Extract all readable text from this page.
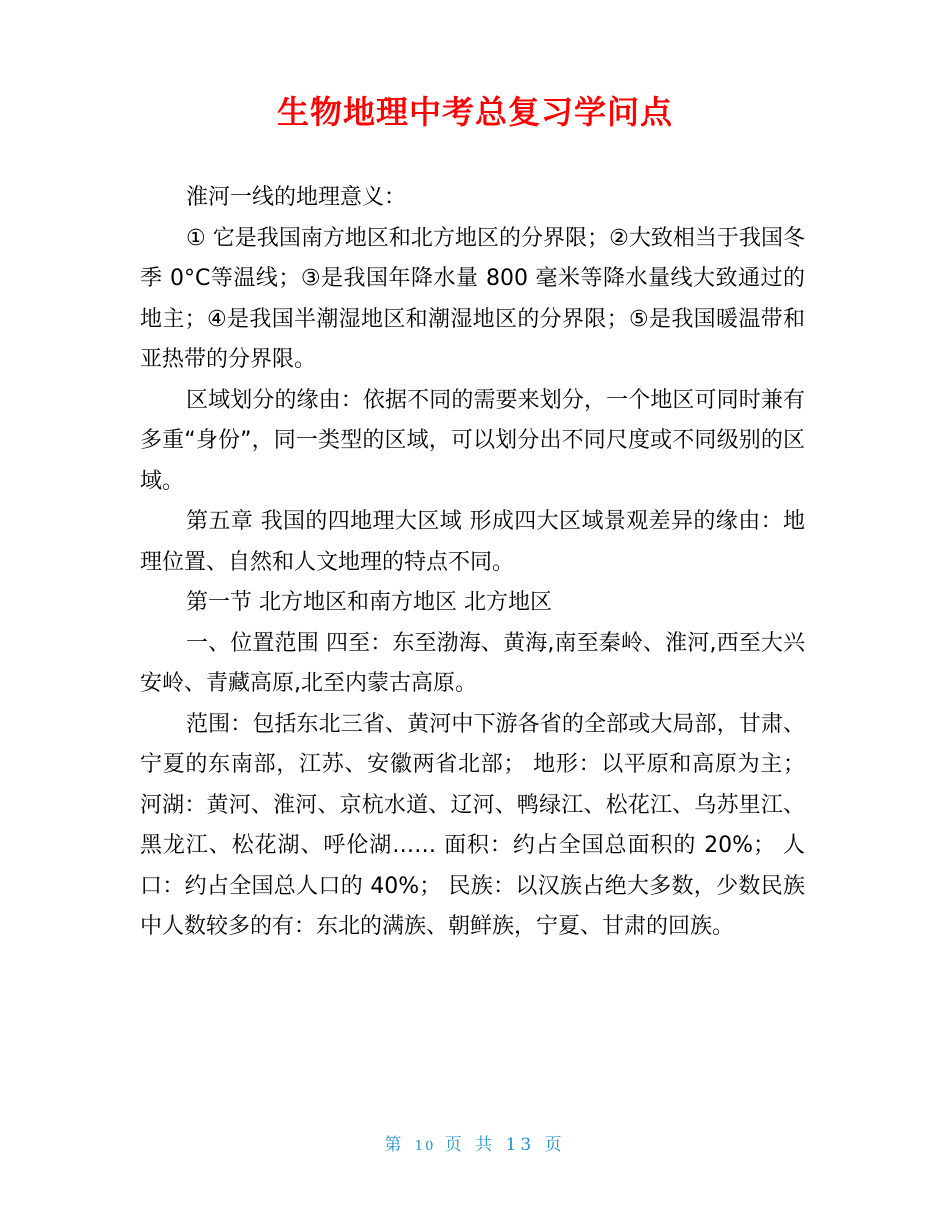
生物地理中考总复习学问点

淮河一线的地理意义：

① 它是我国南方地区和北方地区的分界限；②大致相当于我国冬季 0°C等温线；③是我国年降水量 800 毫米等降水量线大致通过的地主；④是我国半潮湿地区和潮湿地区的分界限；⑤是我国暖温带和亚热带的分界限。

区域划分的缘由：依据不同的需要来划分，一个地区可同时兼有多重“身份”，同一类型的区域，可以划分出不同尺度或不同级别的区域。

第五章 我国的四地理大区域 形成四大区域景观差异的缘由：地理位置、自然和人文地理的特点不同。

第一节 北方地区和南方地区 北方地区

一、位置范围 四至：东至渤海、黄海,南至秦岭、淮河,西至大兴安岭、青藏高原,北至内蒙古高原。

范围：包括东北三省、黄河中下游各省的全部或大局部，甘肃、宁夏的东南部，江苏、安徽两省北部； 地形：以平原和高原为主； 河湖：黄河、淮河、京杭水道、辽河、鸭绿江、松花江、乌苏里江、黑龙江、松花湖、呼伦湖…… 面积：约占全国总面积的 20%； 人口：约占全国总人口的 40%； 民族：以汉族占绝大多数，少数民族中人数较多的有：东北的满族、朝鲜族，宁夏、甘肃的回族。

第 10 页 共 13 页
